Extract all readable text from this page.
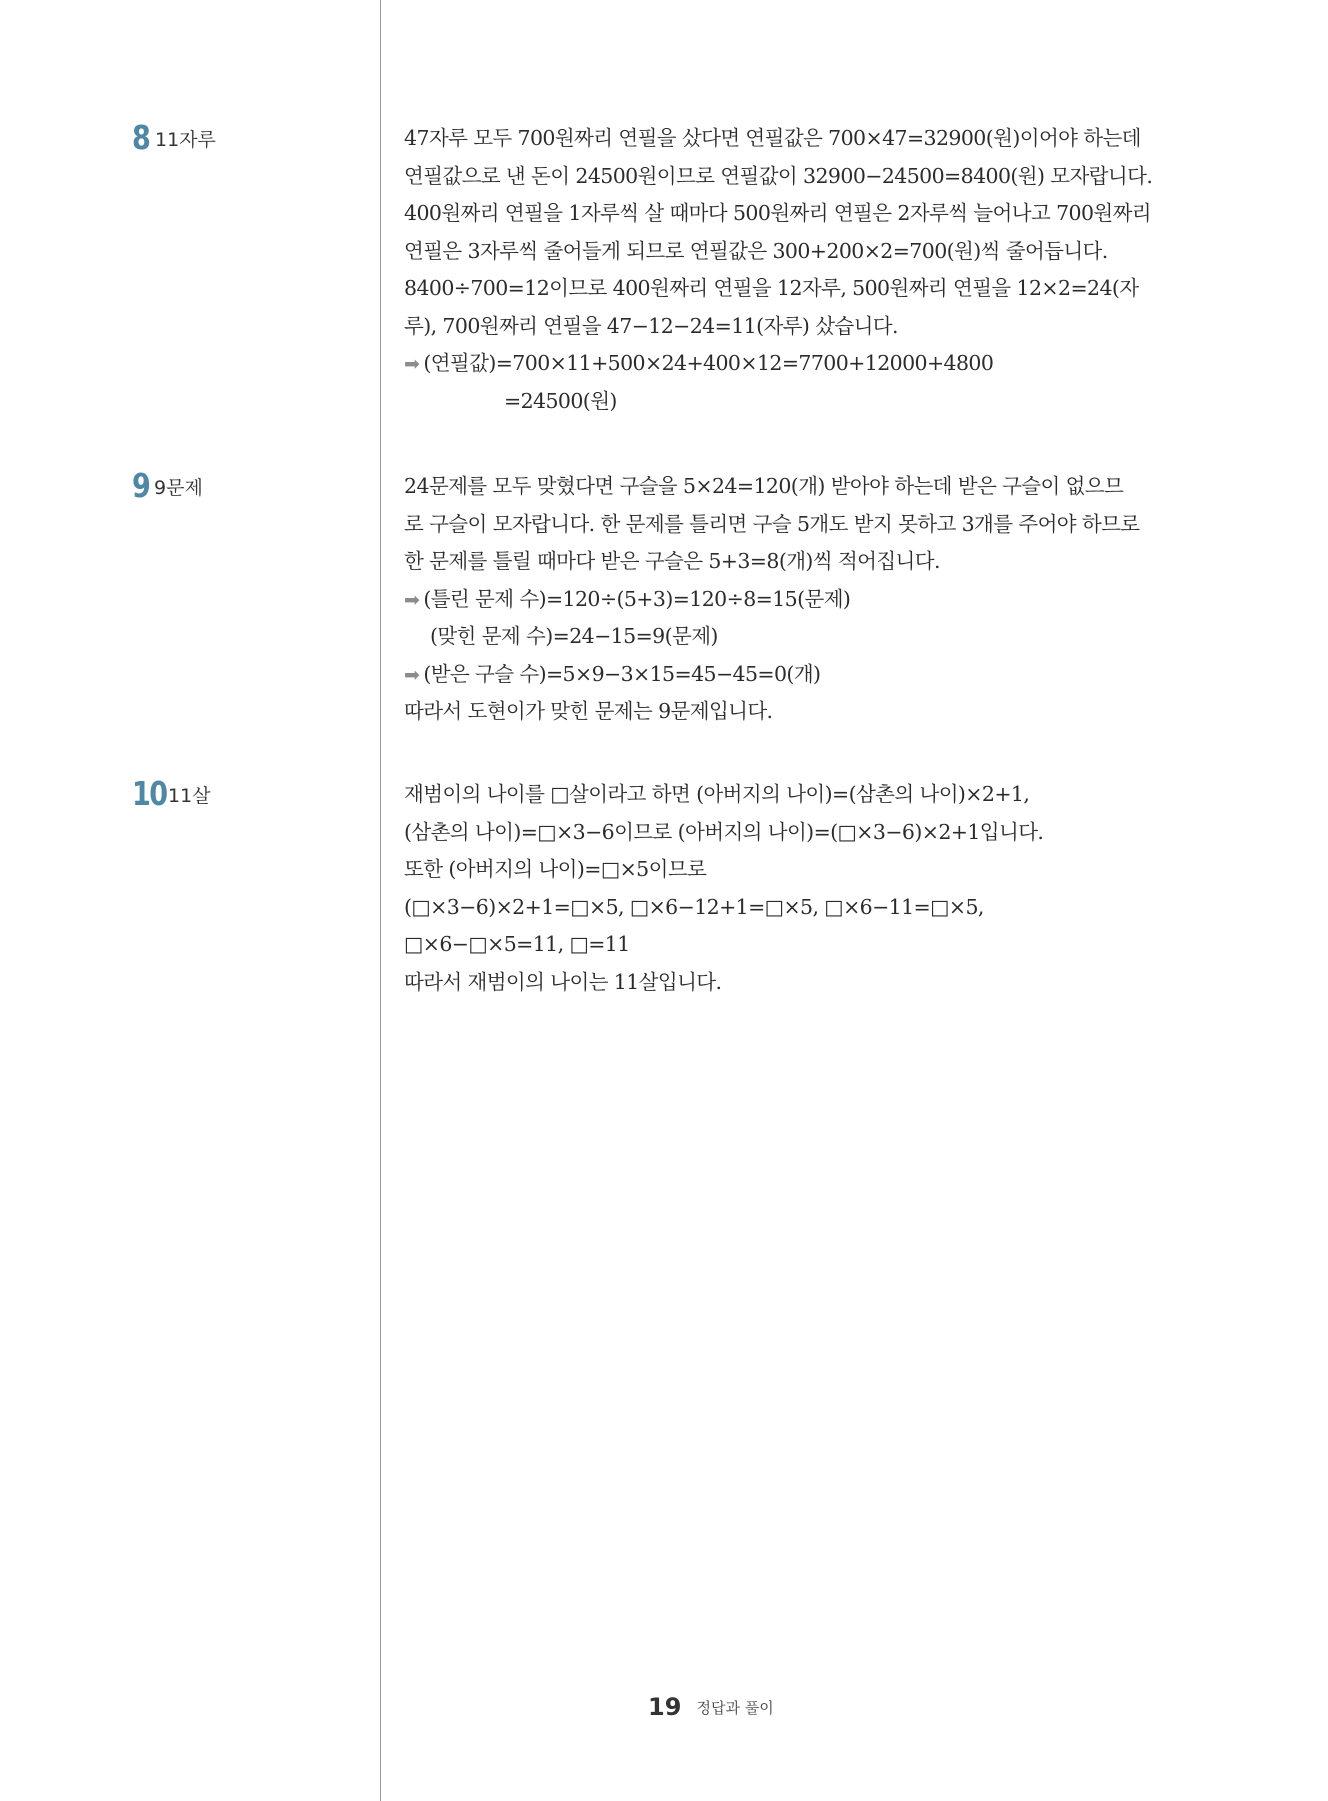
8 11자루	47자루 모두 700원짜리 연필을 샀다면 연필값은 700×47=32900(원)이어야 하는데
연필값으로 낸 돈이 24500원이므로 연필값이 32900−24500=8400(원) 모자랍니다.
400원짜리 연필을 1자루씩 살 때마다 500원짜리 연필은 2자루씩 늘어나고 700원짜리
연필은 3자루씩 줄어들게 되므로 연필값은 300+200×2=700(원)씩 줄어듭니다.
8400÷700=12이므로 400원짜리 연필을 12자루, 500원짜리 연필을 12×2=24(자
루), 700원짜리 연필을 47−12−24=11(자루) 샀습니다.
➡ (연필값)=700×11+500×24+400×12=7700+12000+4800
=24500(원)
9 9문제	24문제를 모두 맞혔다면 구슬을 5×24=120(개) 받아야 하는데 받은 구슬이 없으므
로 구슬이 모자랍니다. 한 문제를 틀리면 구슬 5개도 받지 못하고 3개를 주어야 하므로
한 문제를 틀릴 때마다 받은 구슬은 5+3=8(개)씩 적어집니다.
➡ (틀린 문제 수)=120÷(5+3)=120÷8=15(문제)
(맞힌 문제 수)=24−15=9(문제)
➡ (받은 구슬 수)=5×9−3×15=45−45=0(개)
따라서 도현이가 맞힌 문제는 9문제입니다.
10 11살	재범이의 나이를 □살이라고 하면 (아버지의 나이)=(삼촌의 나이)×2+1,
(삼촌의 나이)=□×3−6이므로 (아버지의 나이)=(□×3−6)×2+1입니다.
또한 (아버지의 나이)=□×5이므로
(□×3−6)×2+1=□×5, □×6−12+1=□×5, □×6−11=□×5,
□×6−□×5=11, □=11
따라서 재범이의 나이는 11살입니다.
19 정답과 풀이
